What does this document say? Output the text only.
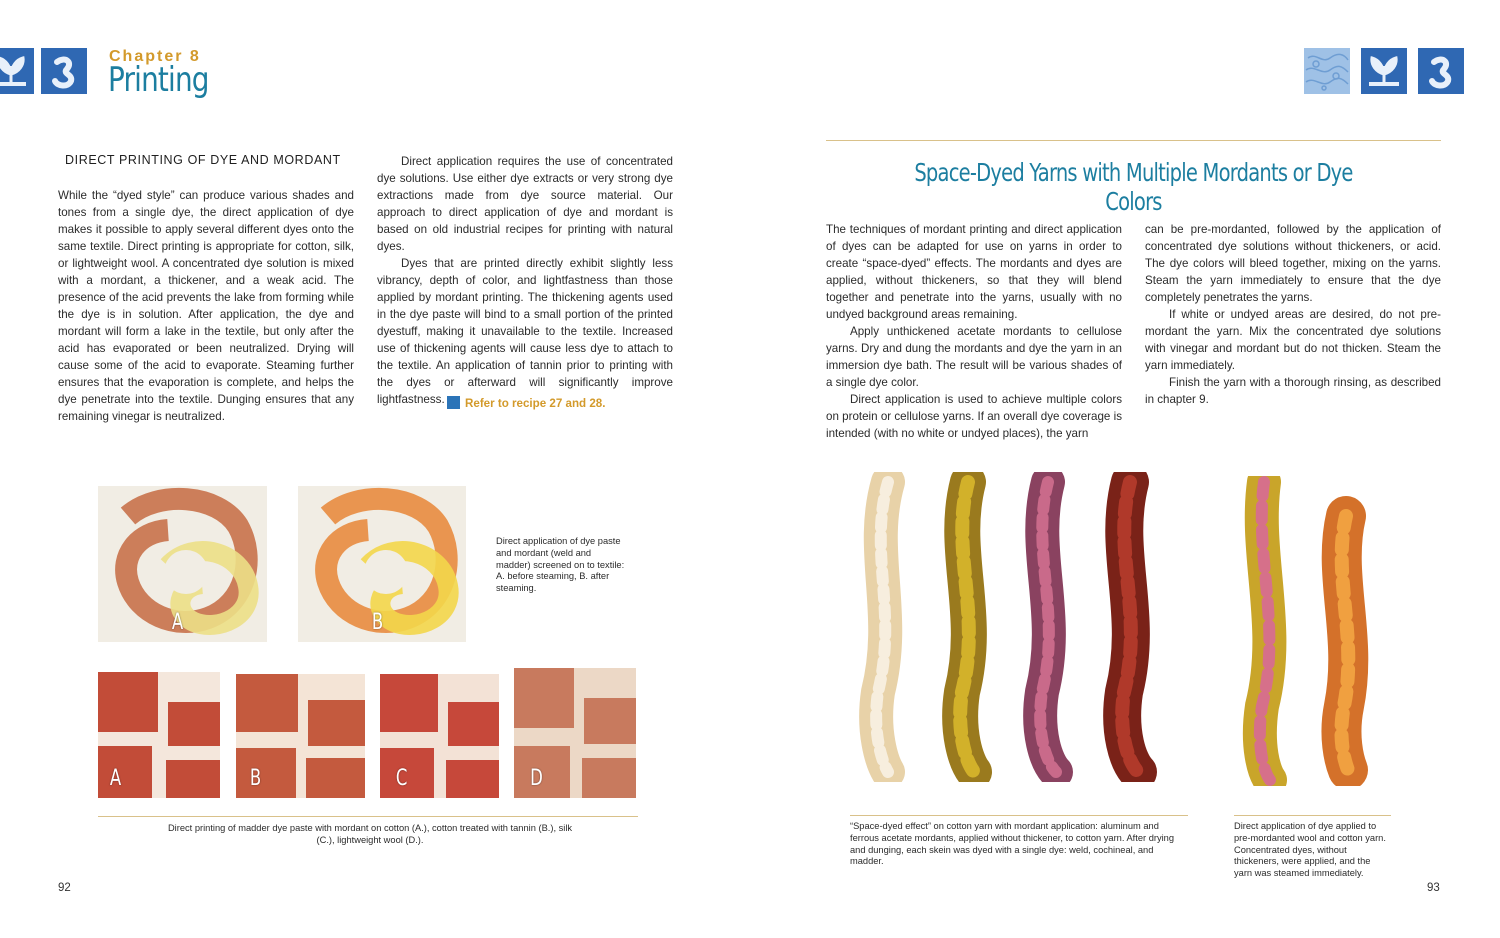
Chapter 8
Printing
DIRECT PRINTING OF DYE AND MORDANT

While the “dyed style” can produce various shades and tones from a single dye, the direct application of dye makes it possible to apply several different dyes onto the same textile. Direct printing is appropriate for cotton, silk, or lightweight wool. A concentrated dye solution is mixed with a mordant, a thickener, and a weak acid. The presence of the acid prevents the lake from forming while the dye is in solution. After application, the dye and mordant will form a lake in the textile, but only after the acid has evaporated or been neutralized. Drying will cause some of the acid to evaporate. Steaming further ensures that the evaporation is complete, and helps the dye penetrate into the textile. Dunging ensures that any remaining vinegar is neutralized.

Direct application requires the use of concentrated dye solutions. Use either dye extracts or very strong dye extractions made from dye source material. Our approach to direct application of dye and mordant is based on old industrial recipes for printing with natural dyes.

Dyes that are printed directly exhibit slightly less vibrancy, depth of color, and lightfastness than those applied by mordant printing. The thickening agents used in the dye paste will bind to a small portion of the printed dyestuff, making it unavailable to the textile. Increased use of thickening agents will cause less dye to attach to the textile. An application of tannin prior to printing with the dyes or afterward will significantly improve lightfastness.	Refer to recipe 27 and 28.
A	B
Direct application of dye paste and mordant (weld and madder) screened on to textile: A. before steaming, B. after steaming.
A	B	C	D
Direct printing of madder dye paste with mordant on cotton (A.), cotton treated with tannin (B.), silk (C.), lightweight wool (D.).
92
Space-Dyed Yarns with Multiple Mordants or Dye Colors

The techniques of mordant printing and direct application of dyes can be adapted for use on yarns in order to create “space-dyed” effects. The mordants and dyes are applied, without thickeners, so that they will blend together and penetrate into the yarns, usually with no undyed background areas remaining.

Apply unthickened acetate mordants to cellulose yarns. Dry and dung the mordants and dye the yarn in an immersion dye bath. The result will be various shades of a single dye color.

Direct application is used to achieve multiple colors on protein or cellulose yarns. If an overall dye coverage is intended (with no white or undyed places), the yarn

can be pre-mordanted, followed by the application of concentrated dye solutions without thickeners, or acid. The dye colors will bleed together, mixing on the yarns. Steam the yarn immediately to ensure that the dye completely penetrates the yarns.

If white or undyed areas are desired, do not pre-mordant the yarn. Mix the concentrated dye solutions with vinegar and mordant but do not thicken. Steam the yarn immediately.

Finish the yarn with a thorough rinsing, as described in chapter 9.

“Space-dyed effect” on cotton yarn with mordant application: aluminum and ferrous acetate mordants, applied without thickener, to cotton yarn. After drying and dunging, each skein was dyed with a single dye: weld, cochineal, and madder.
Direct application of dye applied to pre-mordanted wool and cotton yarn. Concentrated dyes, without thickeners, were applied, and the yarn was steamed immediately.
93
